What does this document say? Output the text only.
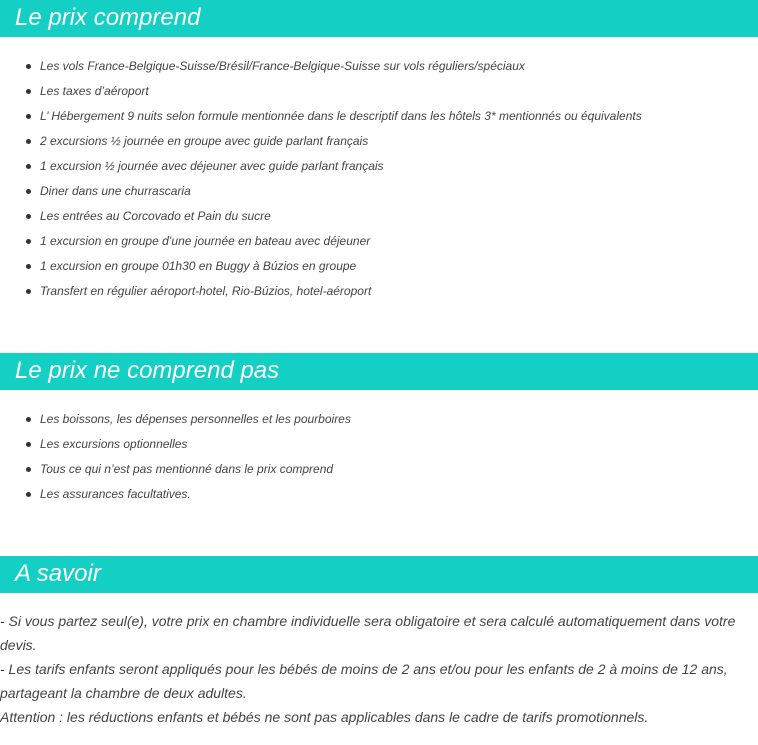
Le prix comprend
Les vols France-Belgique-Suisse/Brésil/France-Belgique-Suisse sur vols réguliers/spéciaux
Les taxes d’aéroport
L’ Hébergement 9 nuits selon formule mentionnée dans le descriptif dans les hôtels 3* mentionnés ou équivalents
2 excursions ½ journée en groupe avec guide parlant français
1 excursion ½ journée avec déjeuner avec guide parlant français
Diner dans une churrascaria
Les entrées au Corcovado et Pain du sucre
1 excursion en groupe d’une journée en bateau avec déjeuner
1 excursion en groupe 01h30 en Buggy à Búzios en groupe
Transfert en régulier aéroport-hotel, Rio-Búzios, hotel-aéroport
Le prix ne comprend pas
Les boissons, les dépenses personnelles et les pourboires
Les excursions optionnelles
Tous ce qui n’est pas mentionné dans le prix comprend
Les assurances facultatives.
A savoir

- Si vous partez seul(e), votre prix en chambre individuelle sera obligatoire et sera calculé automatiquement dans votre devis.

- Les tarifs enfants seront appliqués pour les bébés de moins de 2 ans et/ou pour les enfants de 2 à moins de 12 ans, partageant la chambre de deux adultes.

Attention : les réductions enfants et bébés ne sont pas applicables dans le cadre de tarifs promotionnels.
